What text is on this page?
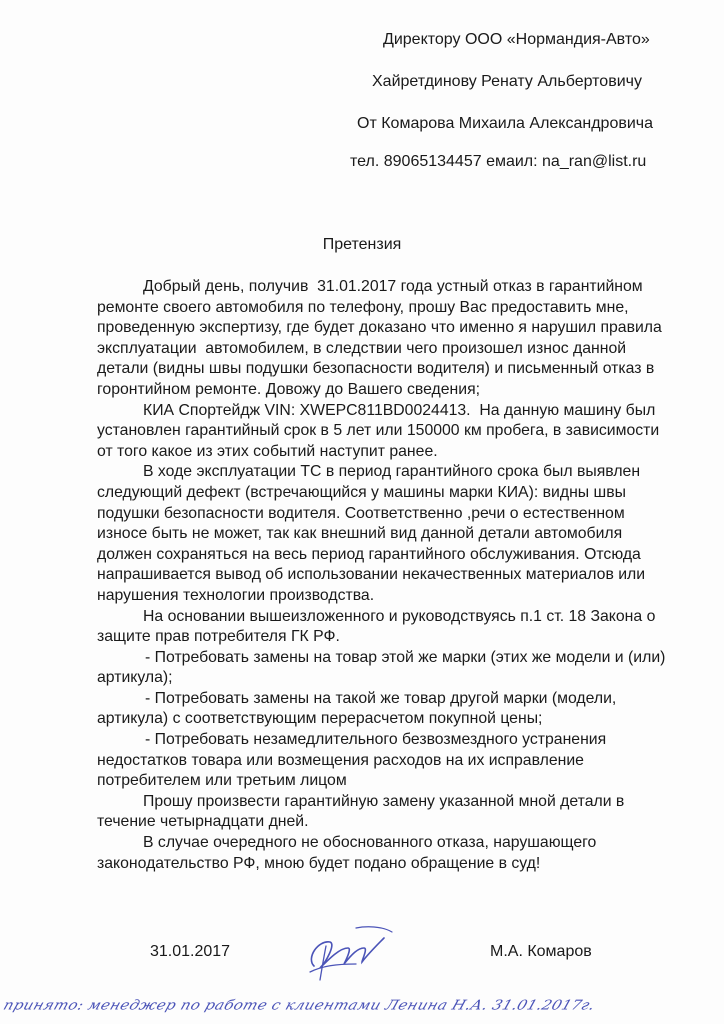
Директору ООО «Нормандия-Авто»
Хайретдинову Ренату Альбертовичу
От Комарова Михаила Александровича
тел. 89065134457 емаил: na_ran@list.ru
Претензия

Добрый день, получив  31.01.2017 года устный отказ в гарантийном ремонте своего автомобиля по телефону, прошу Вас предоставить мне, проведенную экспертизу, где будет доказано что именно я нарушил правила эксплуатации  автомобилем, в следствии чего произошел износ данной детали (видны швы подушки безопасности водителя) и письменный отказ в горонтийном ремонте. Довожу до Вашего сведения;

КИА Спортейдж VIN: XWEPC811BD0024413.  На данную машину был установлен гарантийный срок в 5 лет или 150000 км пробега, в зависимости от того какое из этих событий наступит ранее.

В ходе эксплуатации ТС в период гарантийного срока был выявлен следующий дефект (встречающийся у машины марки КИА): видны швы подушки безопасности водителя. Соответственно ,речи о естественном износе быть не может, так как внешний вид данной детали автомобиля должен сохраняться на весь период гарантийного обслуживания. Отсюда напрашивается вывод об использовании некачественных материалов или нарушения технологии производства.

На основании вышеизложенного и руководствуясь п.1 ст. 18 Закона о защите прав потребителя ГК РФ.

- Потребовать замены на товар этой же марки (этих же модели и (или) артикула);

- Потребовать замены на такой же товар другой марки (модели, артикула) с соответствующим перерасчетом покупной цены;

- Потребовать незамедлительного безвозмездного устранения недостатков товара или возмещения расходов на их исправление потребителем или третьим лицом

Прошу произвести гарантийную замену указанной мной детали в течение четырнадцати дней.

В случае очередного не обоснованного отказа, нарушающего законодательство РФ, мною будет подано обращение в суд!

31.01.2017	М.А. Комаров
принято: менеджер по работе с клиентами Ленина Н.А. 31.01.2017г.
